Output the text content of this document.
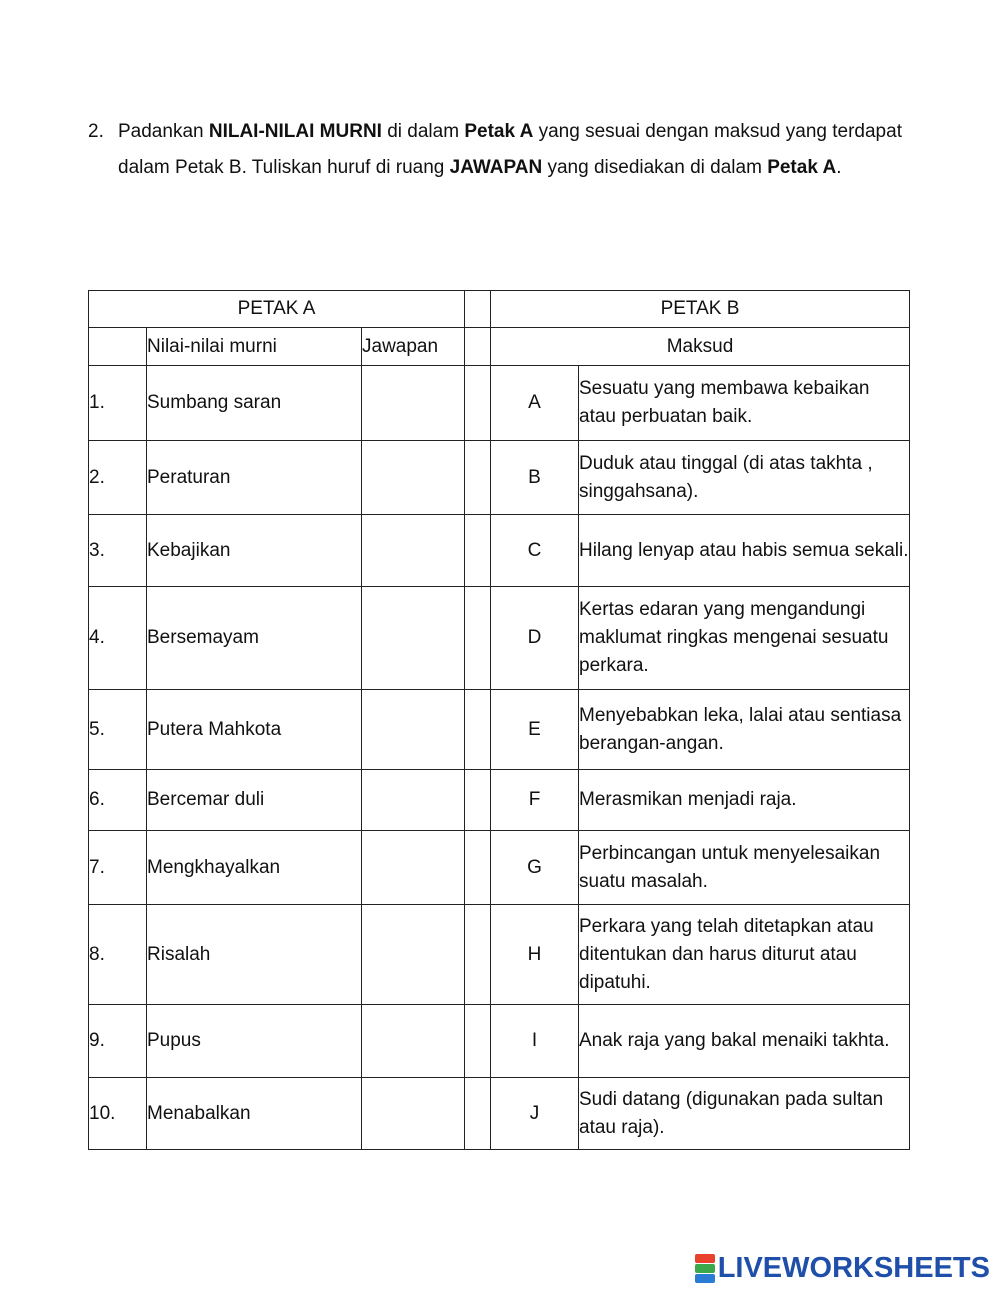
2. Padankan NILAI-NILAI MURNI di dalam Petak A yang sesuai dengan maksud yang terdapat dalam Petak B. Tuliskan huruf di ruang JAWAPAN yang disediakan di dalam Petak A.
PETAK A				PETAK B	
	Nilai-nilai murni	Jawapan		Maksud	
1.	Sumbang saran			A	Sesuatu yang membawa kebaikan atau perbuatan baik.
2.	Peraturan			B	Duduk atau tinggal (di atas takhta , singgahsana).
3.	Kebajikan			C	Hilang lenyap atau habis semua sekali.
4.	Bersemayam			D	Kertas edaran yang mengandungi maklumat ringkas mengenai sesuatu perkara.
5.	Putera Mahkota			E	Menyebabkan leka, lalai atau sentiasa berangan-angan.
6.	Bercemar duli			F	Merasmikan menjadi raja.
7.	Mengkhayalkan			G	Perbincangan untuk menyelesaikan suatu masalah.
8.	Risalah			H	Perkara yang telah ditetapkan atau ditentukan dan harus diturut atau dipatuhi.
9.	Pupus			I	Anak raja yang bakal menaiki takhta.
10.	Menabalkan			J	Sudi datang (digunakan pada sultan atau raja).
LIVEWORKSHEETS
